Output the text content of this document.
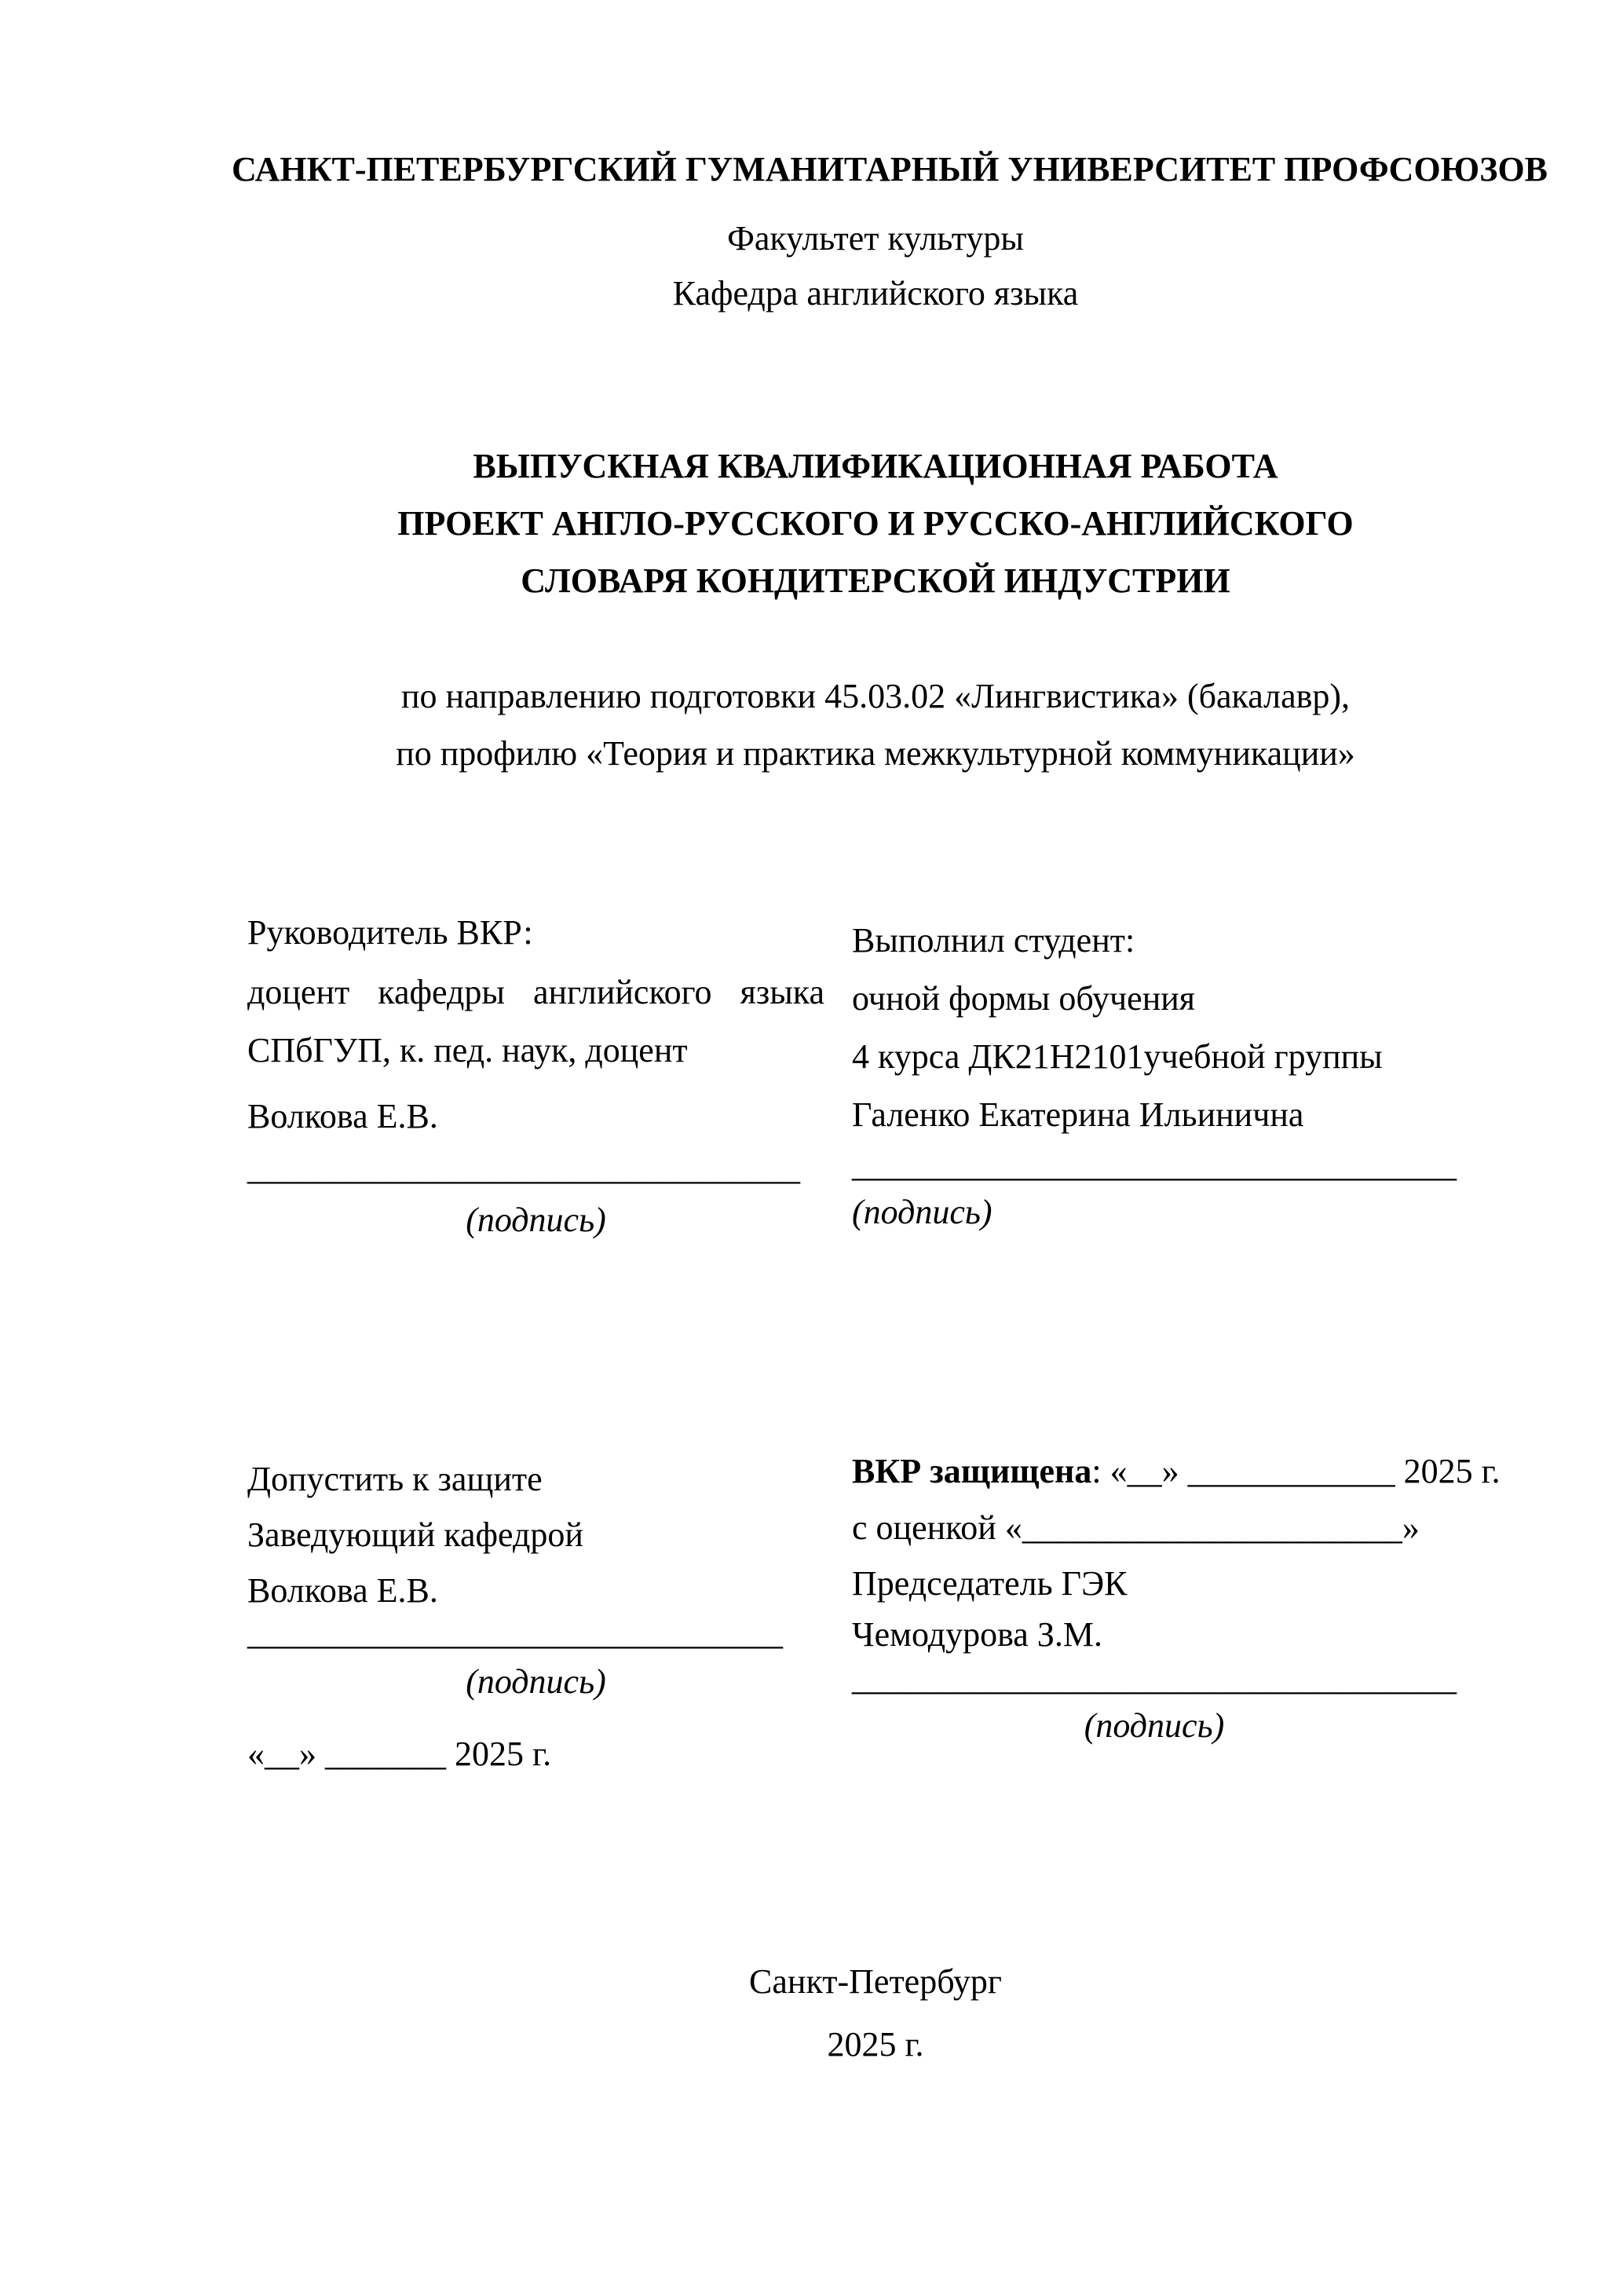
САНКТ-ПЕТЕРБУРГСКИЙ ГУМАНИТАРНЫЙ УНИВЕРСИТЕТ ПРОФСОЮЗОВ
Факультет культуры
Кафедра английского языка
ВЫПУСКНАЯ КВАЛИФИКАЦИОННАЯ РАБОТА
ПРОЕКТ АНГЛО-РУССКОГО И РУССКО-АНГЛИЙСКОГО
СЛОВАРЯ КОНДИТЕРСКОЙ ИНДУСТРИИ
по направлению подготовки 45.03.02 «Лингвистика» (бакалавр),
по профилю «Теория и практика межкультурной коммуникации»
Руководитель ВКР:
доцент кафедры английского языка
СПбГУП, к. пед. наук, доцент
Волкова Е.В.
________________________________
(подпись)
Выполнил студент:
очной формы обучения
4 курса ДК21Н2101учебной группы
Галенко Екатерина Ильинична
___________________________________
(подпись)
Допустить к защите
Заведующий кафедрой
Волкова Е.В.
_______________________________
(подпись)
«__» _______ 2025 г.
ВКР защищена: «__» ____________ 2025 г.
с оценкой «______________________»
Председатель ГЭК
Чемодурова З.М.
___________________________________
(подпись)
Санкт-Петербург
2025 г.
